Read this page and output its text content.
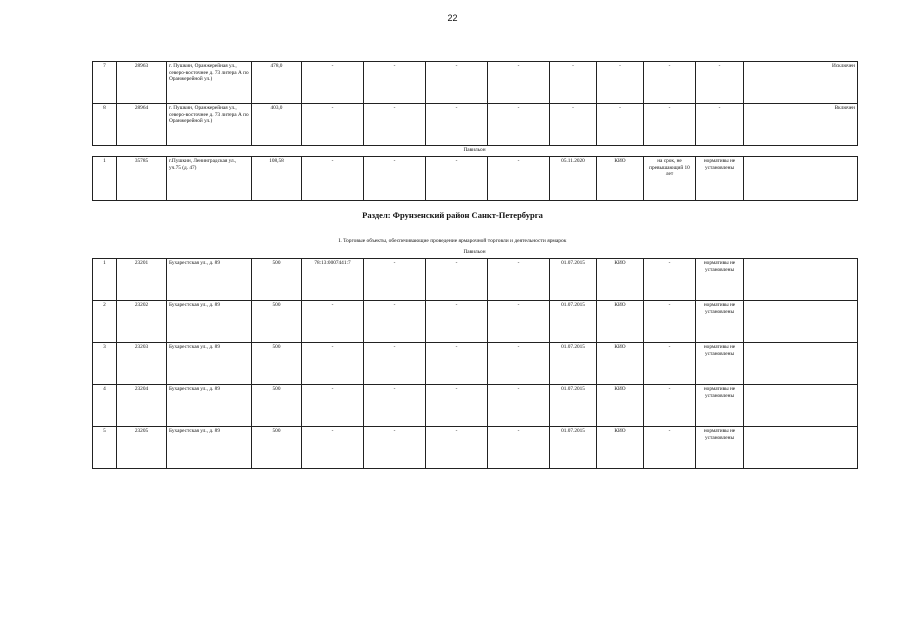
22
7	28963	г. Пушкин, Оранжерейная ул., северо-восточнее д. 73 литера А по Оранжерейной ул.)	478,0	-	-	-	-	-	-	-	-	Исключен
8	28964	г. Пушкин, Оранжерейная ул., северо-восточнее д. 73 литера А по Оранжерейной ул.)	403,0	-	-	-	-	-	-	-	-	Включен
Павильон
1	35785	г.Пушкин, Ленинградская ул., уч.75 (д. 47)	108,58	-	-	-	-	05.11.2020	КИО	на срок, не превышающий 10 лет	нормативы не установлены	
Раздел: Фрунзенский район Санкт-Петербурга
I. Торговые объекты, обеспечивающие проведение ярмарочной торговли и деятельности ярмарок
Павильон
1	23201	Бухарестская ул., д. 89	500	78:13:0007441:7	-	-	-	01.07.2015	КИО	-	нормативы не установлены	
2	23202	Бухарестская ул., д. 89	500	-	-	-	-	01.07.2015	КИО	-	нормативы не установлены	
3	23203	Бухарестская ул., д. 89	500	-	-	-	-	01.07.2015	КИО	-	нормативы не установлены	
4	23204	Бухарестская ул., д. 89	500	-	-	-	-	01.07.2015	КИО	-	нормативы не установлены	
5	23205	Бухарестская ул., д. 89	500	-	-	-	-	01.07.2015	КИО	-	нормативы не установлены	
